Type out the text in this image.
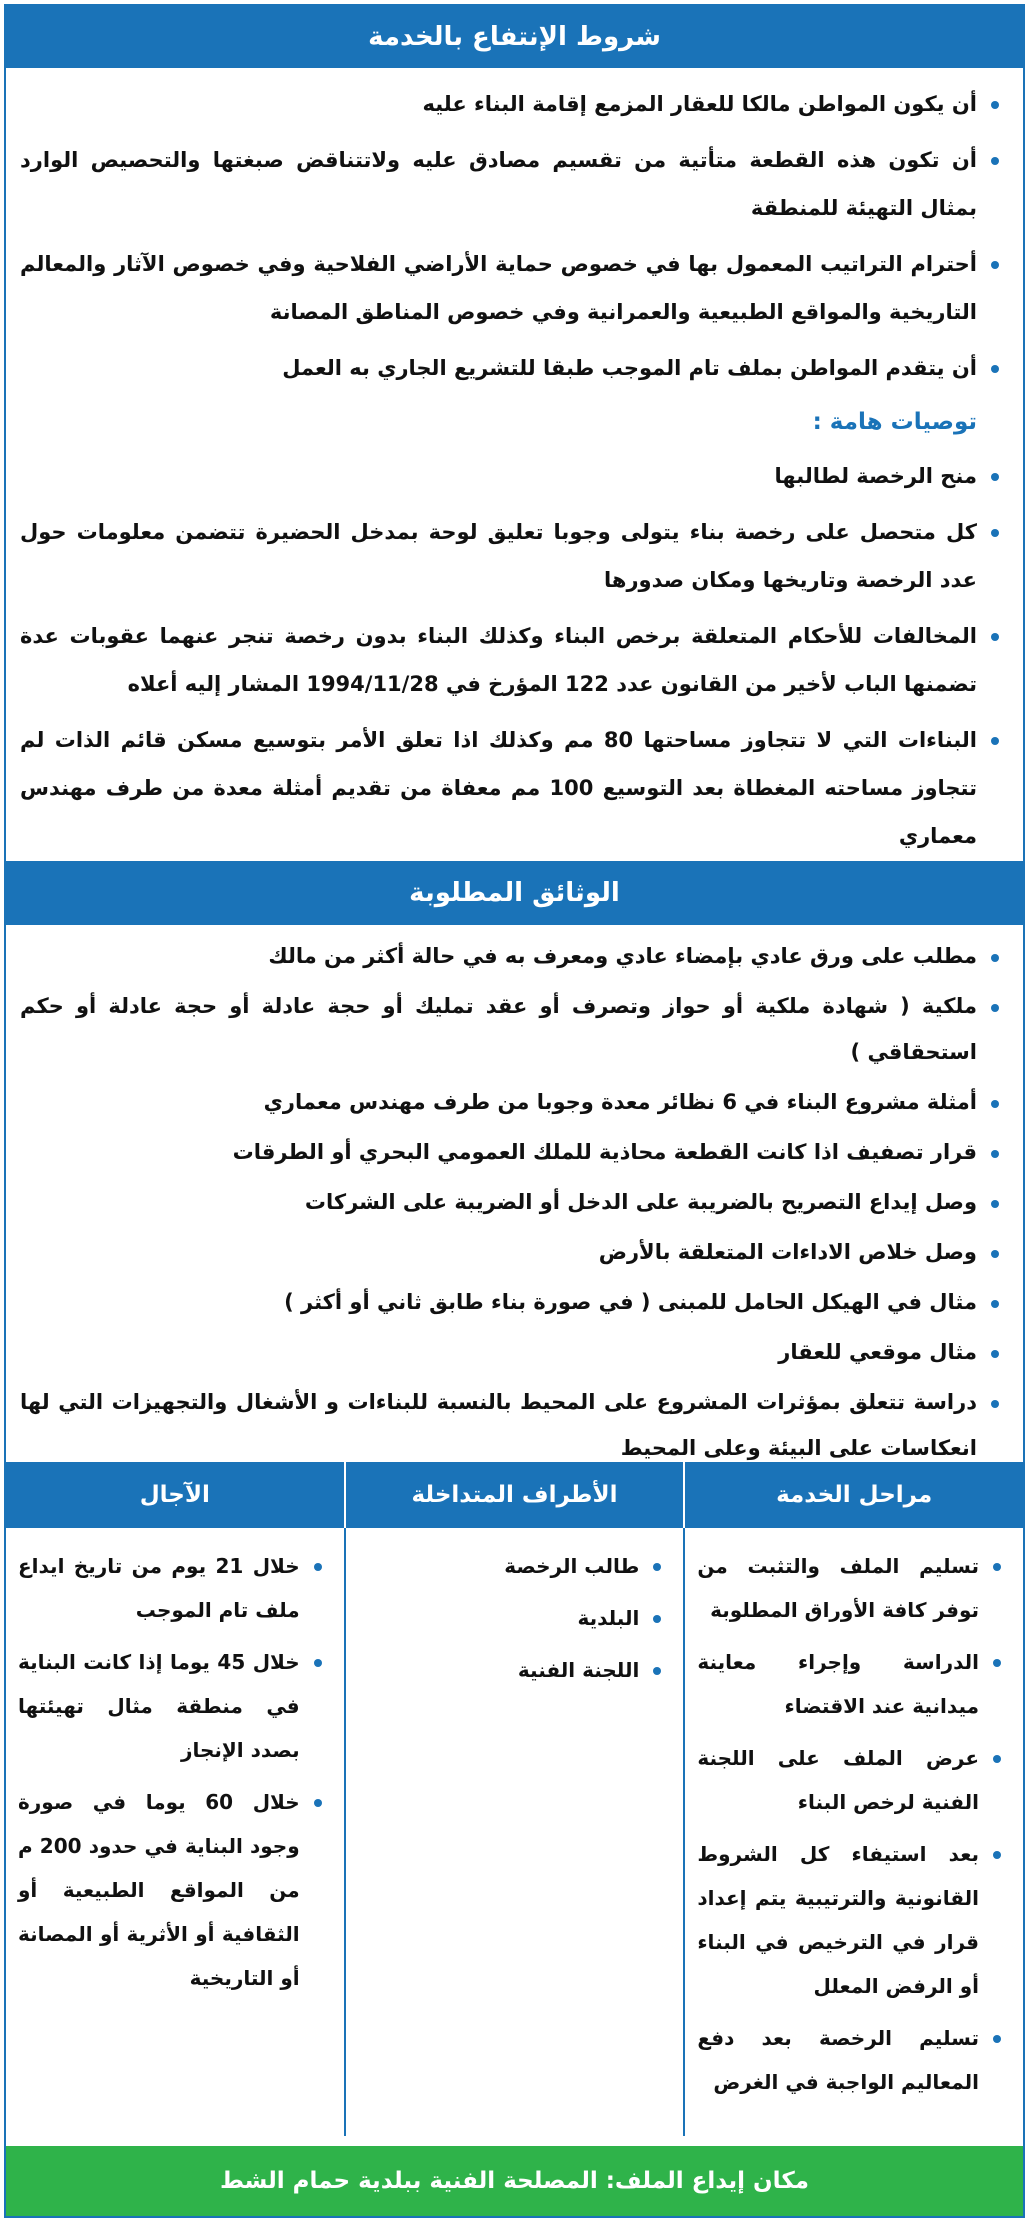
شروط الإنتفاع بالخدمة
أن يكون المواطن مالكا للعقار المزمع إقامة البناء عليه
أن تكون هذه القطعة متأتية من تقسيم مصادق عليه ولاتتناقض صبغتها والتحصيص الوارد بمثال التهيئة للمنطقة
أحترام التراتيب المعمول بها في خصوص حماية الأراضي الفلاحية وفي خصوص الآثار والمعالم التاريخية والمواقع الطبيعية والعمرانية وفي خصوص المناطق المصانة
أن يتقدم المواطن بملف تام الموجب طبقا للتشريع الجاري به العمل
توصيات هامة :
منح الرخصة لطالبها
كل متحصل على رخصة بناء يتولى وجوبا تعليق لوحة بمدخل الحضيرة تتضمن معلومات حول عدد الرخصة وتاريخها ومكان صدورها
المخالفات للأحكام المتعلقة برخص البناء وكذلك البناء بدون رخصة تنجر عنهما عقوبات عدة تضمنها الباب لأخير من القانون عدد 122 المؤرخ في 1994/11/28 المشار إليه أعلاه
البناءات التي لا تتجاوز مساحتها 80 مم وكذلك اذا تعلق الأمر بتوسيع مسكن قائم الذات لم تتجاوز مساحته المغطاة بعد التوسيع 100 مم معفاة من تقديم أمثلة معدة من طرف مهندس معماري
الوثائق المطلوبة
مطلب على ورق عادي بإمضاء عادي ومعرف به في حالة أكثر من مالك
ملكية ( شهادة ملكية أو حواز وتصرف أو عقد تمليك أو حجة عادلة أو حجة عادلة أو حكم استحقاقي )
أمثلة مشروع البناء في 6 نظائر معدة وجوبا من طرف مهندس معماري
قرار تصفيف اذا كانت القطعة محاذية للملك العمومي البحري أو الطرقات
وصل إيداع التصريح بالضريبة على الدخل أو الضريبة على الشركات
وصل خلاص الاداءات المتعلقة بالأرض
مثال في الهيكل الحامل للمبنى ( في صورة بناء طابق ثاني أو أكثر )
مثال موقعي للعقار
دراسة تتعلق بمؤثرات المشروع على المحيط بالنسبة للبناءات و الأشغال والتجهيزات التي لها انعكاسات على البيئة وعلى المحيط
مراحل الخدمة
الأطراف المتداخلة
الآجال
تسليم الملف والتثبت من توفر كافة الأوراق المطلوبة
الدراسة وإجراء معاينة ميدانية عند الاقتضاء
عرض الملف على اللجنة الفنية لرخص البناء
بعد استيفاء كل الشروط القانونية والترتيبية يتم إعداد قرار في الترخيص في البناء أو الرفض المعلل
تسليم الرخصة بعد دفع المعاليم الواجبة في الغرض
طالب الرخصة
البلدية
اللجنة الفنية
خلال 21 يوم من تاريخ ايداع ملف تام الموجب
خلال 45 يوما إذا كانت البناية في منطقة مثال تهيئتها بصدد الإنجاز
خلال 60 يوما في صورة وجود البناية في حدود 200 م من المواقع الطبيعية أو الثقافية أو الأثرية أو المصانة أو التاريخية
مكان إيداع الملف: المصلحة الفنية ببلدية حمام الشط
